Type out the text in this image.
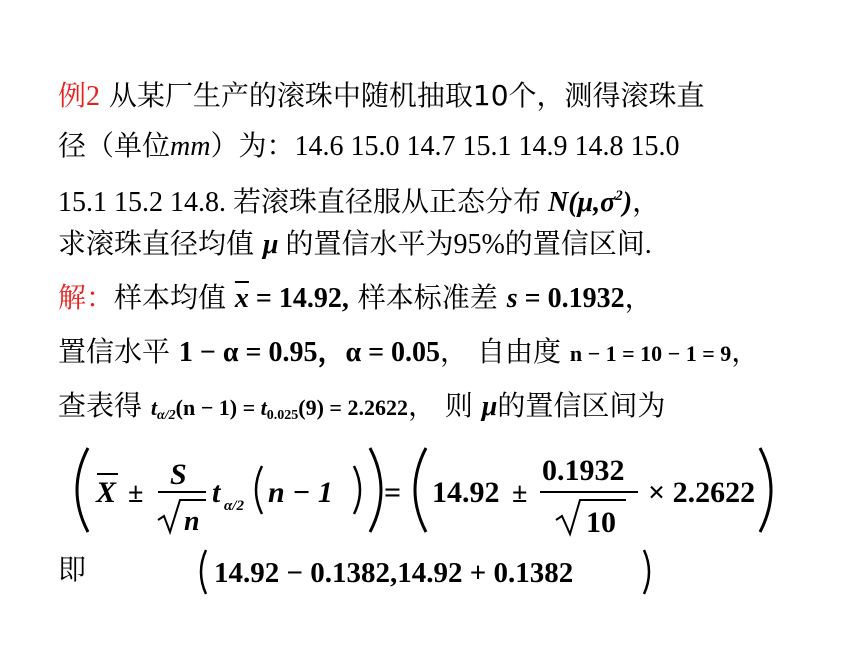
例2 从某厂生产的滚珠中随机抽取10个，测得滚珠直
径（单位mm）为：14.6 15.0 14.7 15.1 14.9 14.8 15.0
15.1 15.2 14.8. 若滚珠直径服从正态分布 $N(\mu,\sigma^2)$，
求滚珠直径均值 μ 的置信水平为95%的置信区间.
解：样本均值 $\overline{x} = 14.92$, 样本标准差 s = 0.1932，
置信水平 1 − α = 0.95，α = 0.05， 自由度 n − 1 = 10 − 1 = 9，
查表得 $t_{\alpha/2}(n - 1) = t_{0.025}(9) = 2.2622$， 则 μ的置信区间为
X ±
S
n
t α/2 n − 1 = 14.92 ±
0.1932
10
× 2.2622
即	14.92 − 0.1382,14.92 + 0.1382
